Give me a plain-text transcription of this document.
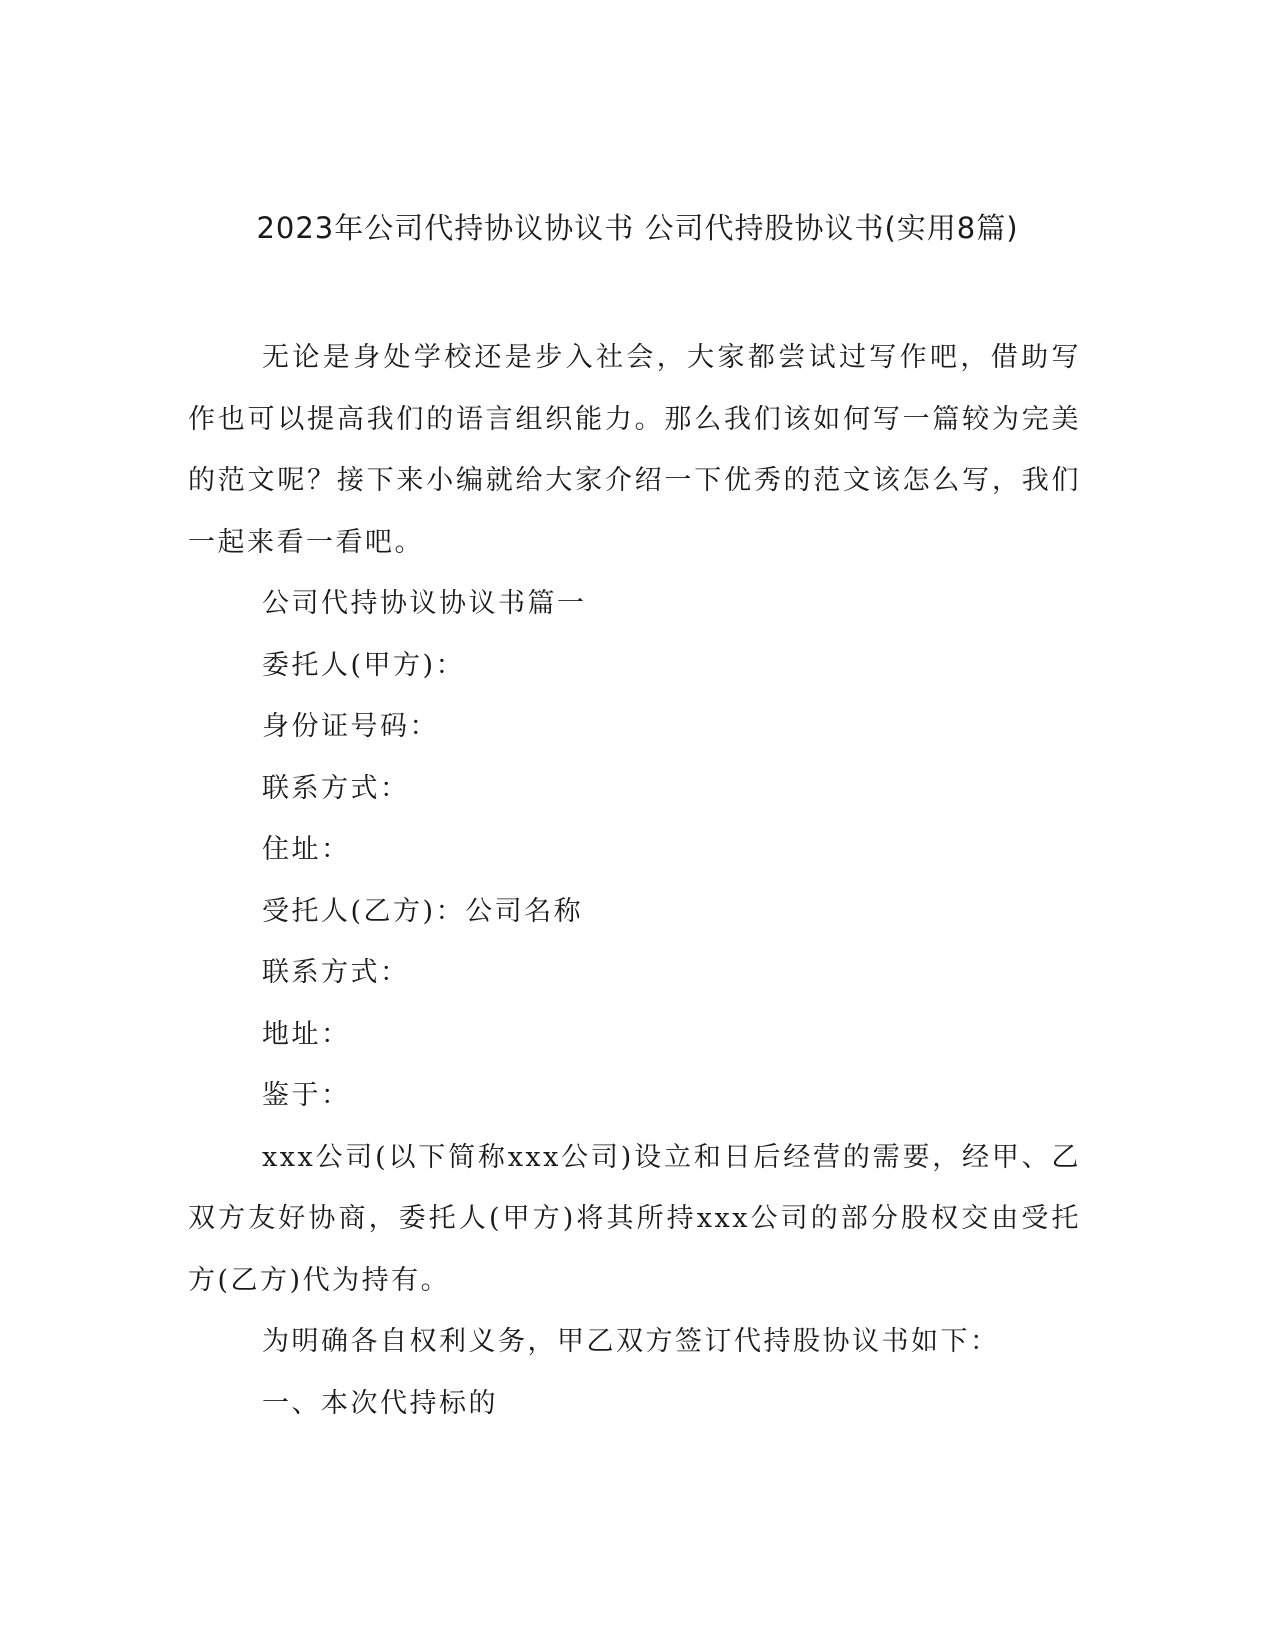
2023年公司代持协议协议书 公司代持股协议书(实用8篇)

无论是身处学校还是步入社会，大家都尝试过写作吧，借助写作也可以提高我们的语言组织能力。那么我们该如何写一篇较为完美的范文呢？接下来小编就给大家介绍一下优秀的范文该怎么写，我们一起来看一看吧。

公司代持协议协议书篇一

委托人(甲方)：

身份证号码：

联系方式：

住址：

受托人(乙方)：公司名称

联系方式：

地址：

鉴于：

xxx公司(以下简称xxx公司)设立和日后经营的需要，经甲、乙双方友好协商，委托人(甲方)将其所持xxx公司的部分股权交由受托方(乙方)代为持有。

为明确各自权利义务，甲乙双方签订代持股协议书如下：

一、本次代持标的
